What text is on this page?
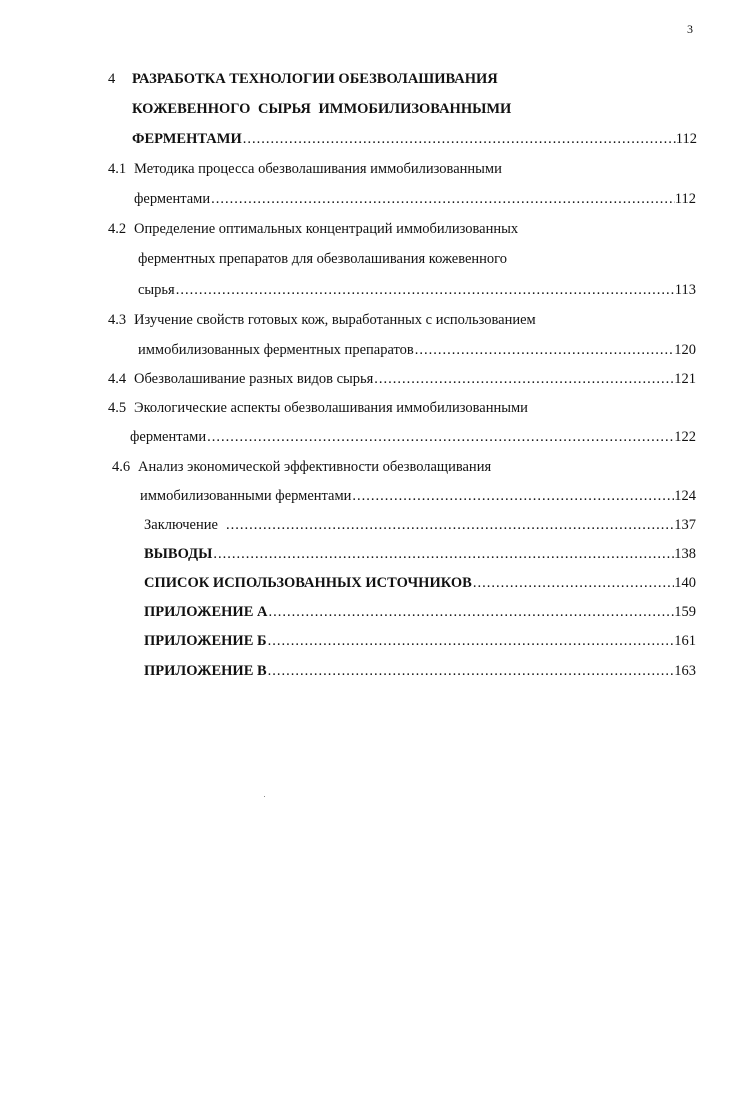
3
4	РАЗРАБОТКА ТЕХНОЛОГИИ ОБЕЗВОЛАШИВАНИЯ
КОЖЕВЕННОГО СЫРЬЯ ИММОБИЛИЗОВАННЫМИ
ФЕРМЕНТАМИ .....	112
4.1 Методика процесса обезволашивания иммобилизованными
ферментами .....	112
4.2 Определение оптимальных концентраций иммобилизованных
ферментных препаратов для обезволашивания кожевенного
сырья .....	113
4.3 Изучение свойств готовых кож, выработанных с использованием
иммобилизованных ферментных препаратов .....	120
4.4 Обезволашивание разных видов сырья .....	121
4.5 Экологические аспекты обезволашивания иммобилизованными
ферментами .....	122
4.6 Анализ экономической эффективности обезволащивания
иммобилизованными ферментами .....	124
Заключение .....	137
ВЫВОДЫ .....	138
СПИСОК ИСПОЛЬЗОВАННЫХ ИСТОЧНИКОВ .....	140
ПРИЛОЖЕНИЕ А .....	159
ПРИЛОЖЕНИЕ Б .....	161
ПРИЛОЖЕНИЕ В .....	163
